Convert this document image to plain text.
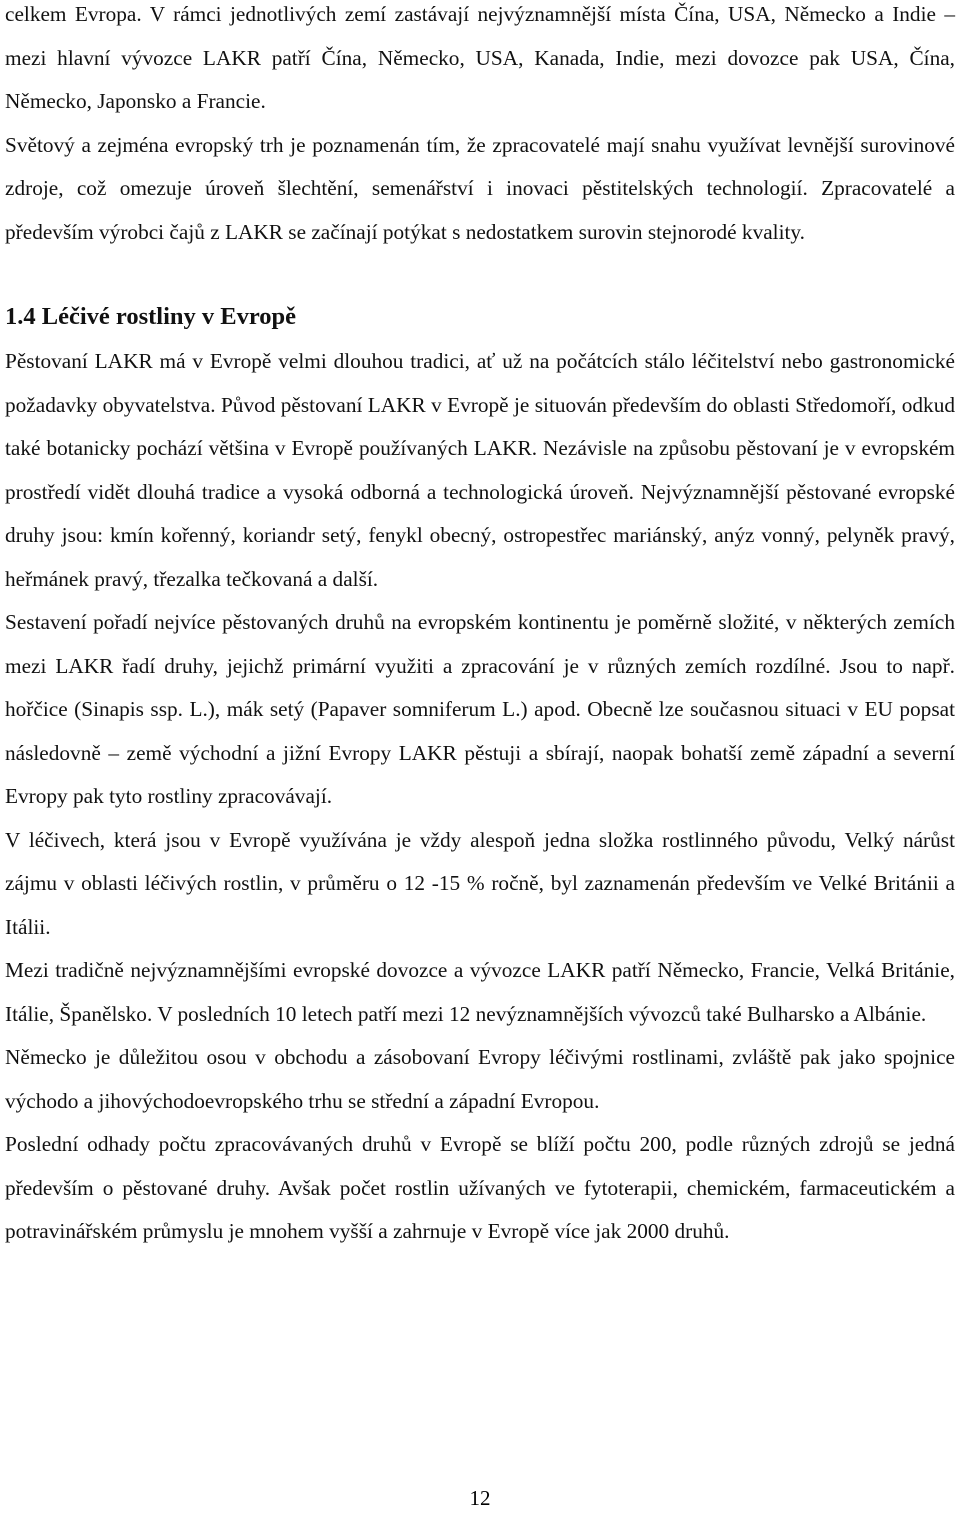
celkem Evropa. V rámci jednotlivých zemí zastávají nejvýznamnější místa Čína, USA, Německo a Indie – mezi hlavní vývozce LAKR patří Čína, Německo, USA, Kanada, Indie, mezi dovozce pak USA, Čína, Německo, Japonsko a Francie.

Světový a zejména evropský trh je poznamenán tím, že zpracovatelé mají snahu využívat levnější surovinové zdroje, což omezuje úroveň šlechtění, semenářství i inovaci pěstitelských technologií. Zpracovatelé a především výrobci čajů z LAKR se začínají potýkat s nedostatkem surovin stejnorodé kvality.

1.4 Léčivé rostliny v Evropě

Pěstovaní LAKR má v Evropě velmi dlouhou tradici, ať už na počátcích stálo léčitelství nebo gastronomické požadavky obyvatelstva. Původ pěstovaní LAKR v Evropě je situován především do oblasti Středomoří, odkud také botanicky pochází většina v Evropě používaných LAKR. Nezávisle na způsobu pěstovaní je v evropském prostředí vidět dlouhá tradice a vysoká odborná a technologická úroveň. Nejvýznamnější pěstované evropské druhy jsou: kmín kořenný, koriandr setý, fenykl obecný, ostropestřec mariánský, anýz vonný, pelyněk pravý, heřmánek pravý, třezalka tečkovaná a další.

Sestavení pořadí nejvíce pěstovaných druhů na evropském kontinentu je poměrně složité, v některých zemích mezi LAKR řadí druhy, jejichž primární využiti a zpracování je v různých zemích rozdílné. Jsou to např. hořčice (Sinapis ssp. L.), mák setý (Papaver somniferum L.) apod. Obecně lze současnou situaci v EU popsat následovně – země východní a jižní Evropy LAKR pěstuji a sbírají, naopak bohatší země západní a severní Evropy pak tyto rostliny zpracovávají.

V léčivech, která jsou v Evropě využívána je vždy alespoň jedna složka rostlinného původu, Velký nárůst zájmu v oblasti léčivých rostlin, v průměru o 12 -15 % ročně, byl zaznamenán především ve Velké Británii a Itálii.

Mezi tradičně nejvýznamnějšími evropské dovozce a vývozce LAKR patří Německo, Francie, Velká Británie, Itálie, Španělsko. V posledních 10 letech patří mezi 12 nevýznamnějších vývozců také Bulharsko a Albánie.

Německo je důležitou osou v obchodu a zásobovaní Evropy léčivými rostlinami, zvláště pak jako spojnice východo a jihovýchodoevropského trhu se střední a západní Evropou.

Poslední odhady počtu zpracovávaných druhů v Evropě se blíží počtu 200, podle různých zdrojů se jedná především o pěstované druhy. Avšak počet rostlin užívaných ve fytoterapii, chemickém, farmaceutickém a potravinářském průmyslu je mnohem vyšší a zahrnuje v Evropě více jak 2000 druhů.

12
